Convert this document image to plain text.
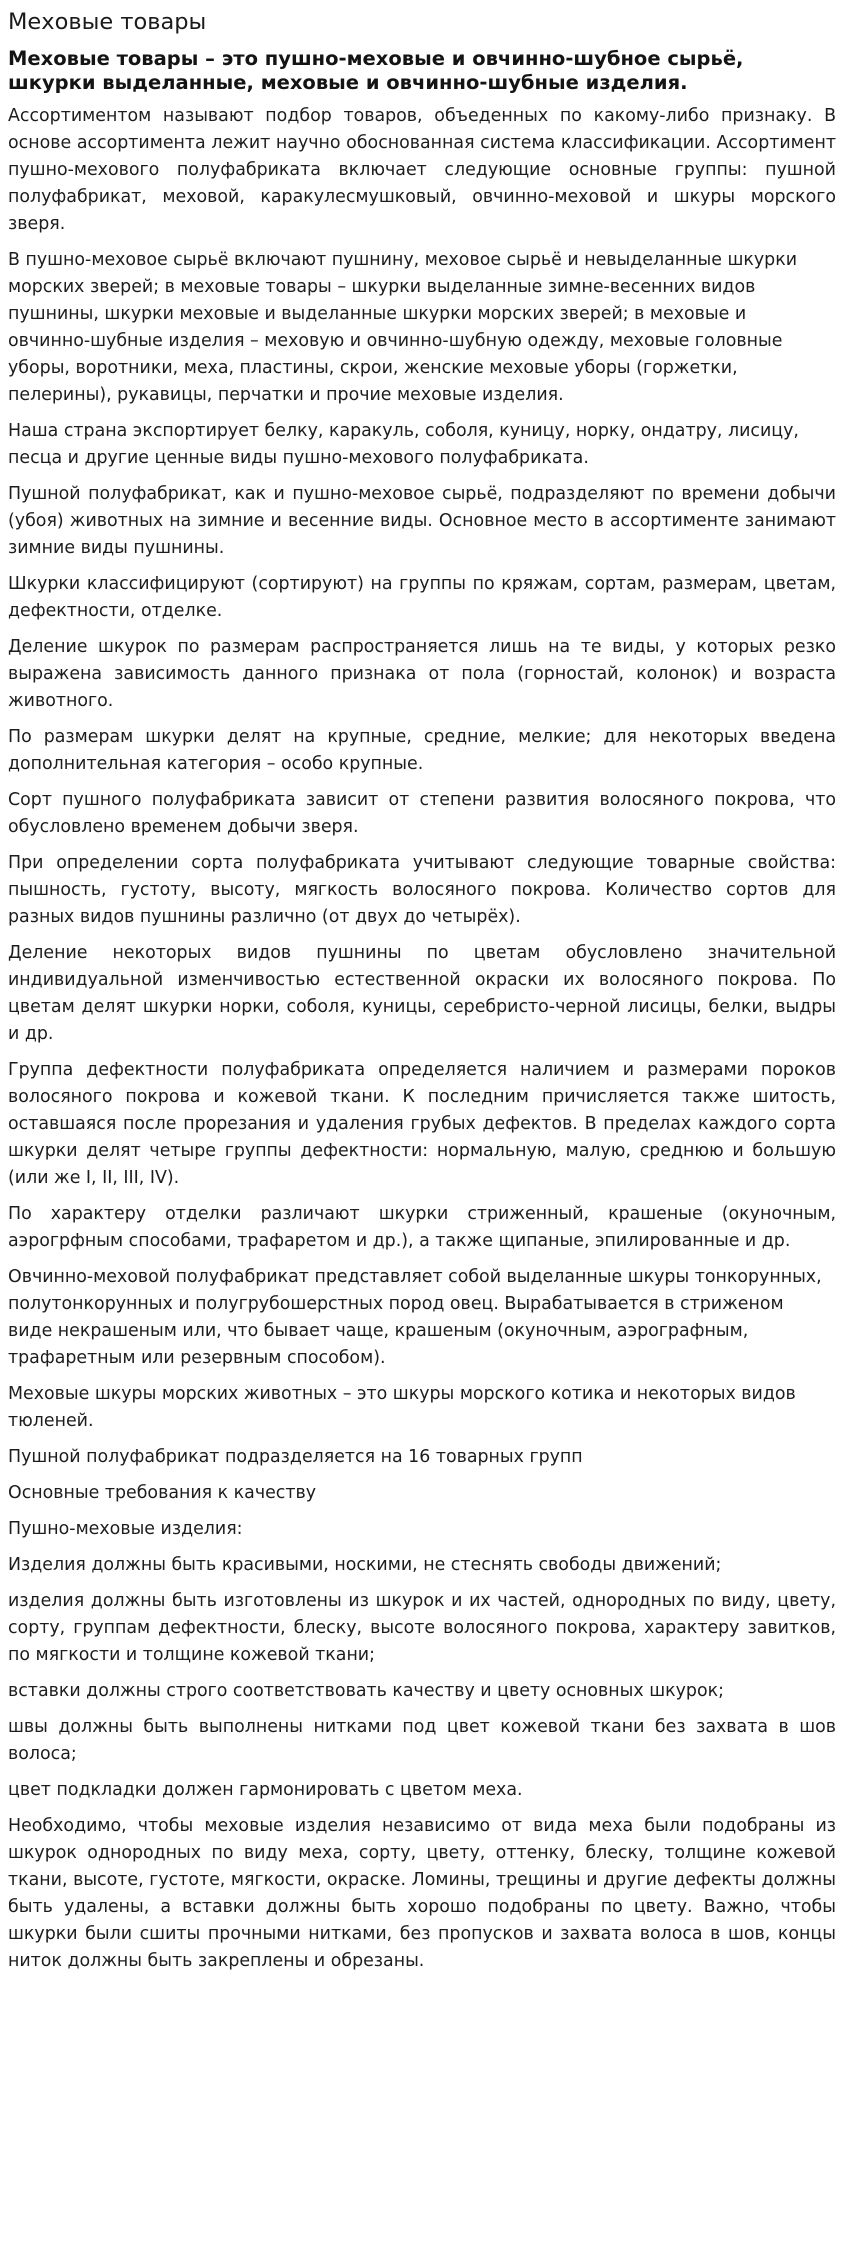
Меховые товары
Меховые товары – это пушно-меховые и овчинно-шубное сырьё, шкурки выделанные, меховые и овчинно-шубные изделия.

Ассортиментом называют подбор товаров, объеденных по какому-либо признаку. В основе ассортимента лежит научно обоснованная система классификации. Ассортимент пушно-мехового полуфабриката включает следующие основные группы: пушной полуфабрикат, меховой, каракулесмушковый, овчинно-меховой и шкуры морского зверя.

В пушно-меховое сырьё включают пушнину, меховое сырьё и невыделанные шкурки морских зверей; в меховые товары – шкурки выделанные зимне-весенних видов пушнины, шкурки меховые и выделанные шкурки морских зверей; в меховые и овчинно-шубные изделия – меховую и овчинно-шубную одежду, меховые головные уборы, воротники, меха, пластины, скрои, женские меховые уборы (горжетки, пелерины), рукавицы, перчатки и прочие меховые изделия.

Наша страна экспортирует белку, каракуль, соболя, куницу, норку, ондатру, лисицу, песца и другие ценные виды пушно-мехового полуфабриката.

Пушной полуфабрикат, как и пушно-меховое сырьё, подразделяют по времени добычи (убоя) животных на зимние и весенние виды. Основное место в ассортименте занимают зимние виды пушнины.

Шкурки классифицируют (сортируют) на группы по кряжам, сортам, размерам, цветам, дефектности, отделке.

Деление шкурок по размерам распространяется лишь на те виды, у которых резко выражена зависимость данного признака от пола (горностай, колонок) и возраста животного.

По размерам шкурки делят на крупные, средние, мелкие; для некоторых введена дополнительная категория – особо крупные.

Сорт пушного полуфабриката зависит от степени развития волосяного покрова, что обусловлено временем добычи зверя.

При определении сорта полуфабриката учитывают следующие товарные свойства: пышность, густоту, высоту, мягкость волосяного покрова. Количество сортов для разных видов пушнины различно (от двух до четырёх).

Деление некоторых видов пушнины по цветам обусловлено значительной индивидуальной изменчивостью естественной окраски их волосяного покрова. По цветам делят шкурки норки, соболя, куницы, серебристо-черной лисицы, белки, выдры и др.

Группа дефектности полуфабриката определяется наличием и размерами пороков волосяного покрова и кожевой ткани. К последним причисляется также шитость, оставшаяся после прорезания и удаления грубых дефектов. В пределах каждого сорта шкурки делят четыре группы дефектности: нормальную, малую, среднюю и большую (или же I, II, III, IV).

По характеру отделки различают шкурки стриженный, крашеные (окуночным, аэрогрфным способами, трафаретом и др.), а также щипаные, эпилированные и др.

Овчинно-меховой полуфабрикат представляет собой выделанные шкуры тонкорунных, полутонкорунных и полугрубошерстных пород овец. Вырабатывается в стриженом виде некрашеным или, что бывает чаще, крашеным (окуночным, аэрографным, трафаретным или резервным способом).

Меховые шкуры морских животных – это шкуры морского котика и некоторых видов тюленей.

Пушной полуфабрикат подразделяется на 16 товарных групп

Основные требования к качеству

Пушно-меховые изделия:

Изделия должны быть красивыми, носкими, не стеснять свободы движений;

изделия должны быть изготовлены из шкурок и их частей, однородных по виду, цвету, сорту, группам дефектности, блеску, высоте волосяного покрова, характеру завитков, по мягкости и толщине кожевой ткани;

вставки должны строго соответствовать качеству и цвету основных шкурок;

швы должны быть выполнены нитками под цвет кожевой ткани без захвата в шов волоса;

цвет подкладки должен гармонировать с цветом меха.

Необходимо, чтобы меховые изделия независимо от вида меха были подобраны из шкурок однородных по виду меха, сорту, цвету, оттенку, блеску, толщине кожевой ткани, высоте, густоте, мягкости, окраске. Ломины, трещины и другие дефекты должны быть удалены, а вставки должны быть хорошо подобраны по цвету. Важно, чтобы шкурки были сшиты прочными нитками, без пропусков и захвата волоса в шов, концы ниток должны быть закреплены и обрезаны.
